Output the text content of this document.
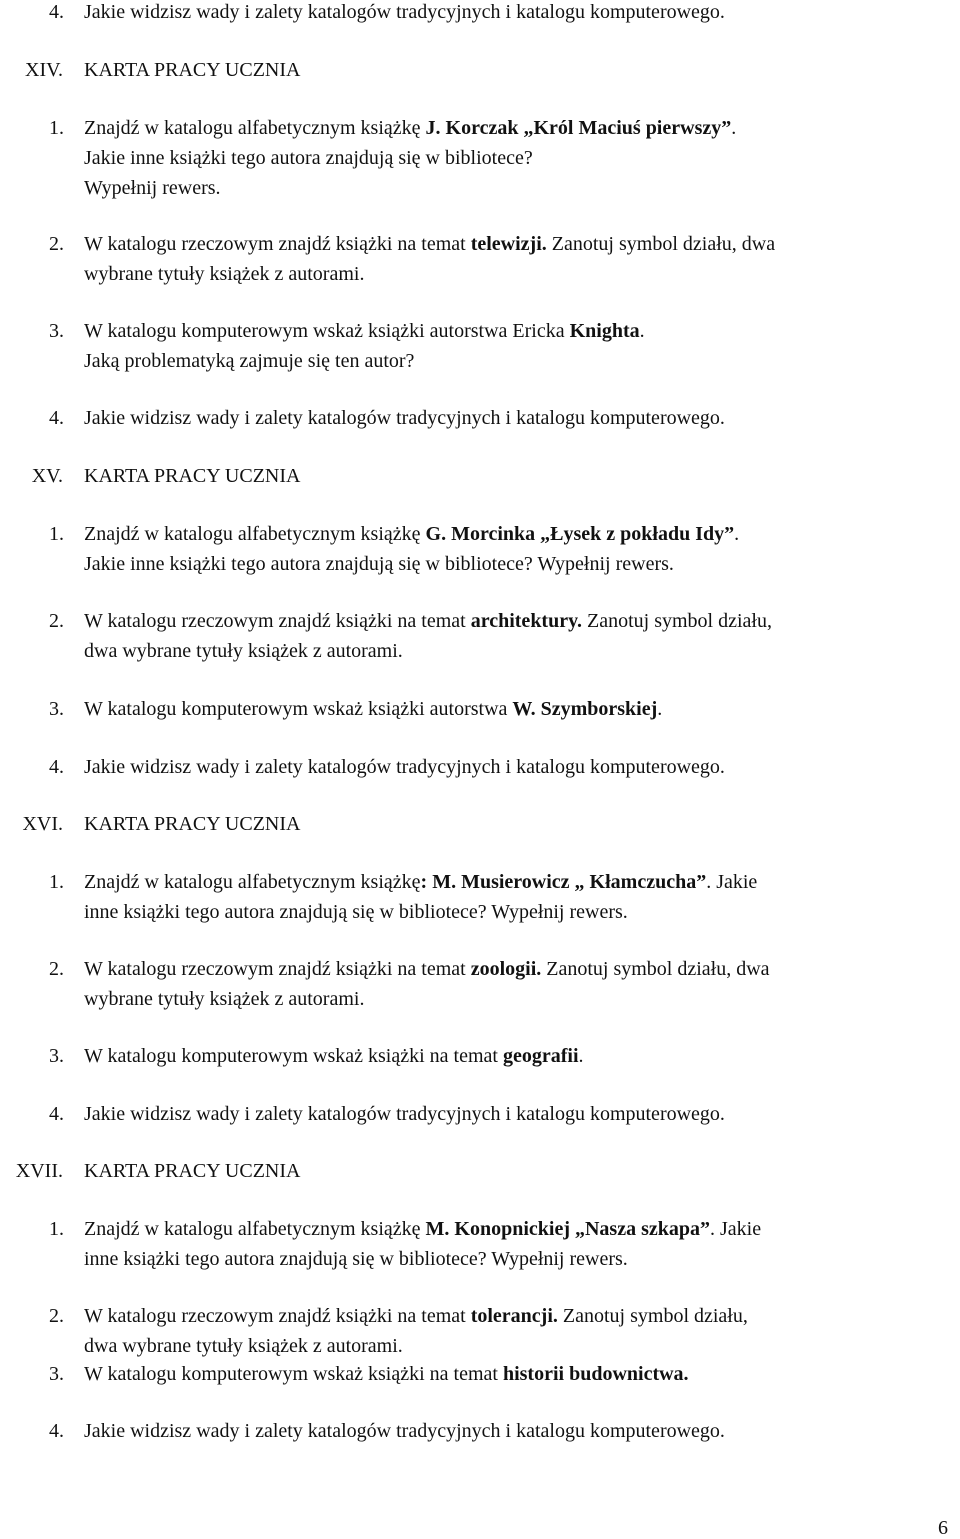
4. Jakie widzisz wady i zalety katalogów tradycyjnych i katalogu komputerowego.
XIV. KARTA PRACY UCZNIA
1. Znajdź w katalogu alfabetycznym książkę J. Korczak „Król Maciuś pierwszy”.
Jakie inne książki tego autora znajdują się w bibliotece?
Wypełnij rewers.
2. W katalogu rzeczowym znajdź książki na temat telewizji. Zanotuj symbol działu, dwa
wybrane tytuły książek z autorami.
3. W katalogu komputerowym wskaż książki autorstwa Ericka Knighta.
Jaką problematyką zajmuje się ten autor?
4. Jakie widzisz wady i zalety katalogów tradycyjnych i katalogu komputerowego.
XV. KARTA PRACY UCZNIA
1. Znajdź w katalogu alfabetycznym książkę G. Morcinka „Łysek z pokładu Idy”.
Jakie inne książki tego autora znajdują się w bibliotece? Wypełnij rewers.
2. W katalogu rzeczowym znajdź książki na temat architektury. Zanotuj symbol działu,
dwa wybrane tytuły książek z autorami.
3. W katalogu komputerowym wskaż książki autorstwa W. Szymborskiej.
4. Jakie widzisz wady i zalety katalogów tradycyjnych i katalogu komputerowego.
XVI. KARTA PRACY UCZNIA
1. Znajdź w katalogu alfabetycznym książkę: M. Musierowicz „ Kłamczucha”. Jakie
inne książki tego autora znajdują się w bibliotece? Wypełnij rewers.
2. W katalogu rzeczowym znajdź książki na temat zoologii. Zanotuj symbol działu, dwa
wybrane tytuły książek z autorami.
3. W katalogu komputerowym wskaż książki na temat geografii.
4. Jakie widzisz wady i zalety katalogów tradycyjnych i katalogu komputerowego.
XVII. KARTA PRACY UCZNIA
1. Znajdź w katalogu alfabetycznym książkę M. Konopnickiej „Nasza szkapa”. Jakie
inne książki tego autora znajdują się w bibliotece? Wypełnij rewers.
2. W katalogu rzeczowym znajdź książki na temat tolerancji. Zanotuj symbol działu,
dwa wybrane tytuły książek z autorami.
3. W katalogu komputerowym wskaż książki na temat historii budownictwa.
4. Jakie widzisz wady i zalety katalogów tradycyjnych i katalogu komputerowego.
6
